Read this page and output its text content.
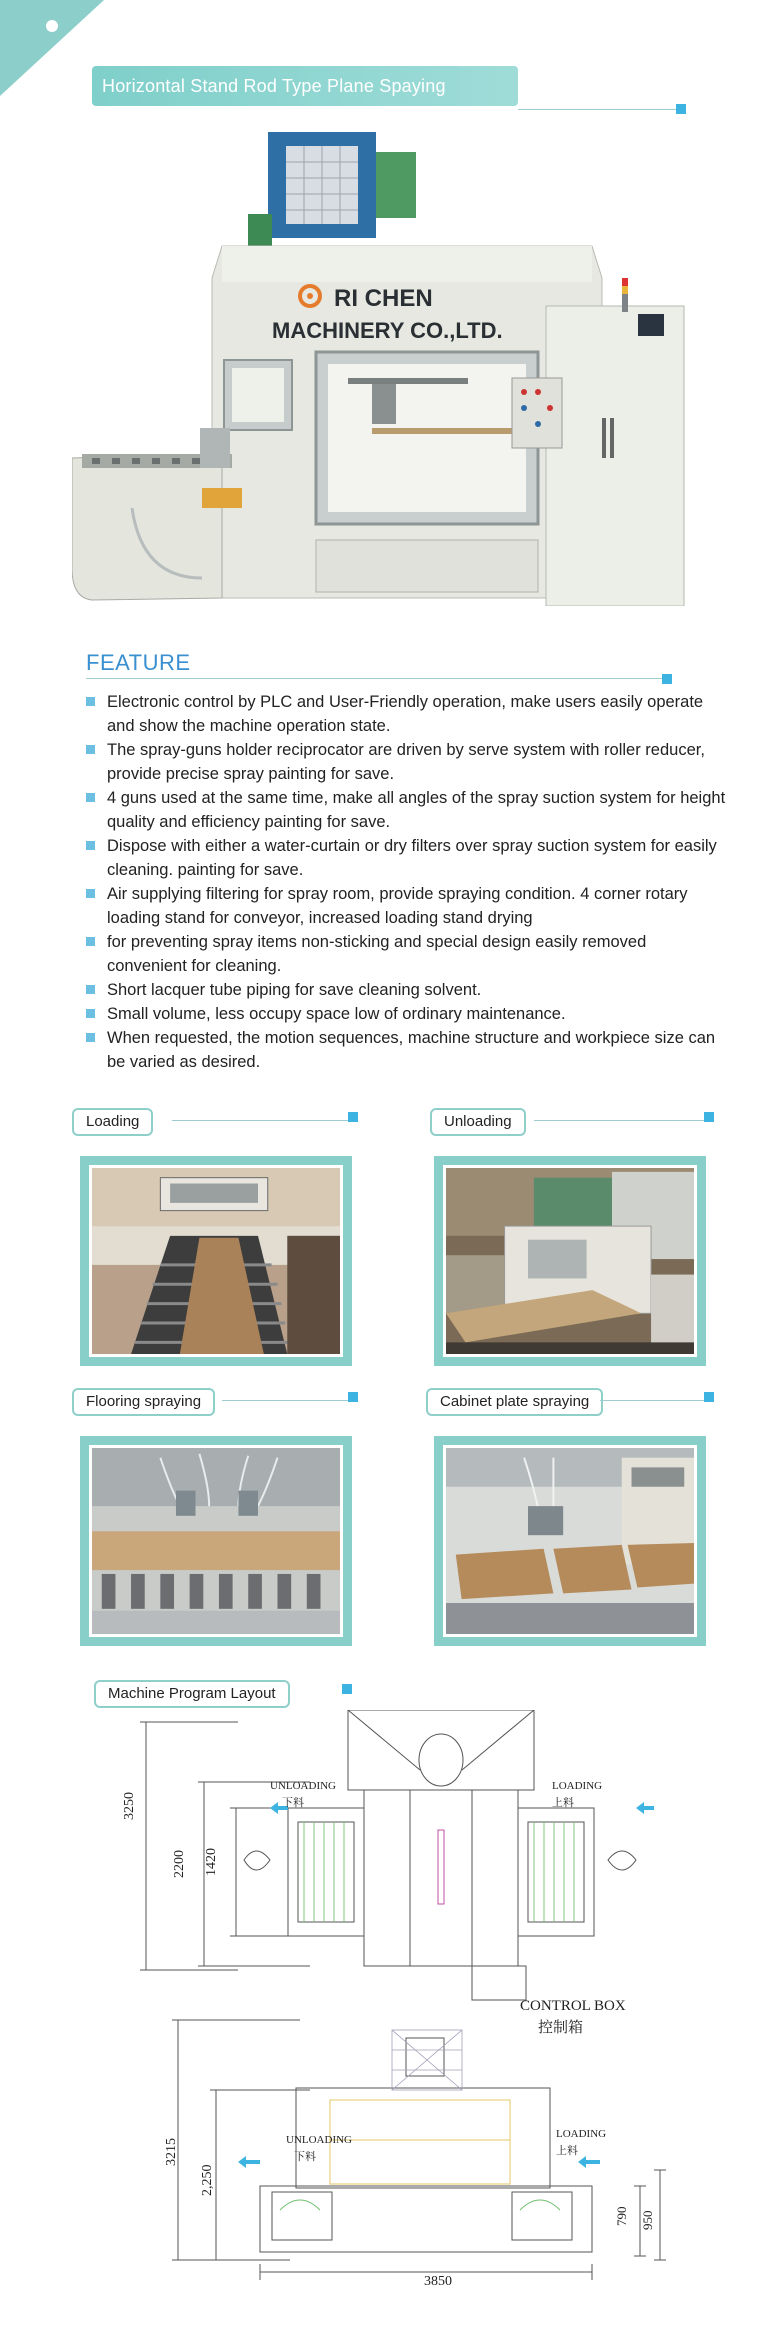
Horizontal Stand Rod Type Plane Spaying Machine
RI CHEN
MACHINERY CO.,LTD.
FEATURE
Electronic control by PLC and User-Friendly operation, make users easily operate and show the machine operation state.
The spray-guns holder reciprocator are driven by serve system with roller reducer, provide precise spray painting for save.
4 guns used at the same time, make all angles of the spray suction system for height quality and efficiency painting for save.
Dispose with either a water-curtain or dry filters over spray suction system for easily cleaning. painting for save.
Air supplying filtering for spray room, provide spraying condition. 4 corner rotary loading stand for conveyor, increased loading stand drying
for preventing spray items non-sticking and special design easily removed convenient for cleaning.
Short lacquer tube piping for save cleaning solvent.
Small volume, less occupy space low of ordinary maintenance.
When requested, the motion sequences, machine structure and workpiece size can be varied as desired.
Loading	Unloading
Flooring spraying	Cabinet plate spraying
Machine Program Layout
UNLOADING
下料
LOADING
上料
CONTROL BOX
控制箱
3250
2200 1420
UNLOADING
下料
LOADING
上料
3215
2,250
3850
790 950
